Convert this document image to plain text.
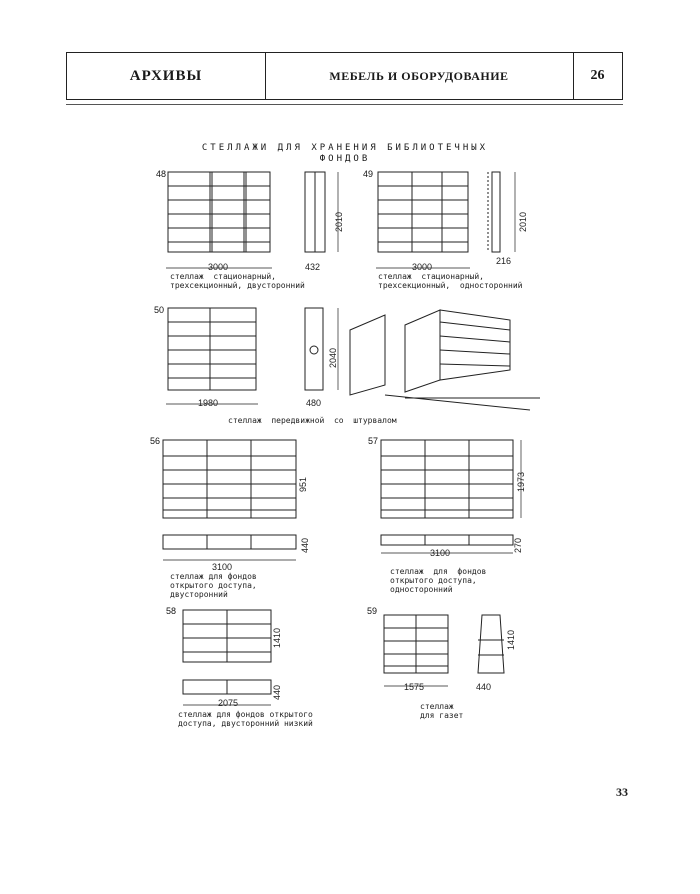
АРХИВЫ	МЕБЕЛЬ И ОБОРУДОВАНИЕ	26
СТЕЛЛАЖИ ДЛЯ ХРАНЕНИЯ БИБЛИОТЕЧНЫХ
ФОНДОВ
48	49
50
56	57
58	59
3000	432
2010
3000
216
2010
1980	480
2040
951
440
3100
1973
270
3100
1410
440
2075
1410
440
1575
стеллаж  стационарный,
трехсекционный, двусторонний
стеллаж  стационарный,
трехсекционный,  односторонний
стеллаж  передвижной  со  штурвалом
стеллаж для фондов
открытого доступа,
двусторонний
стеллаж  для  фондов
открытого доступа,
односторонний
стеллаж для фондов открытого
доступа, двусторонний низкий
стеллаж
для газет
33
